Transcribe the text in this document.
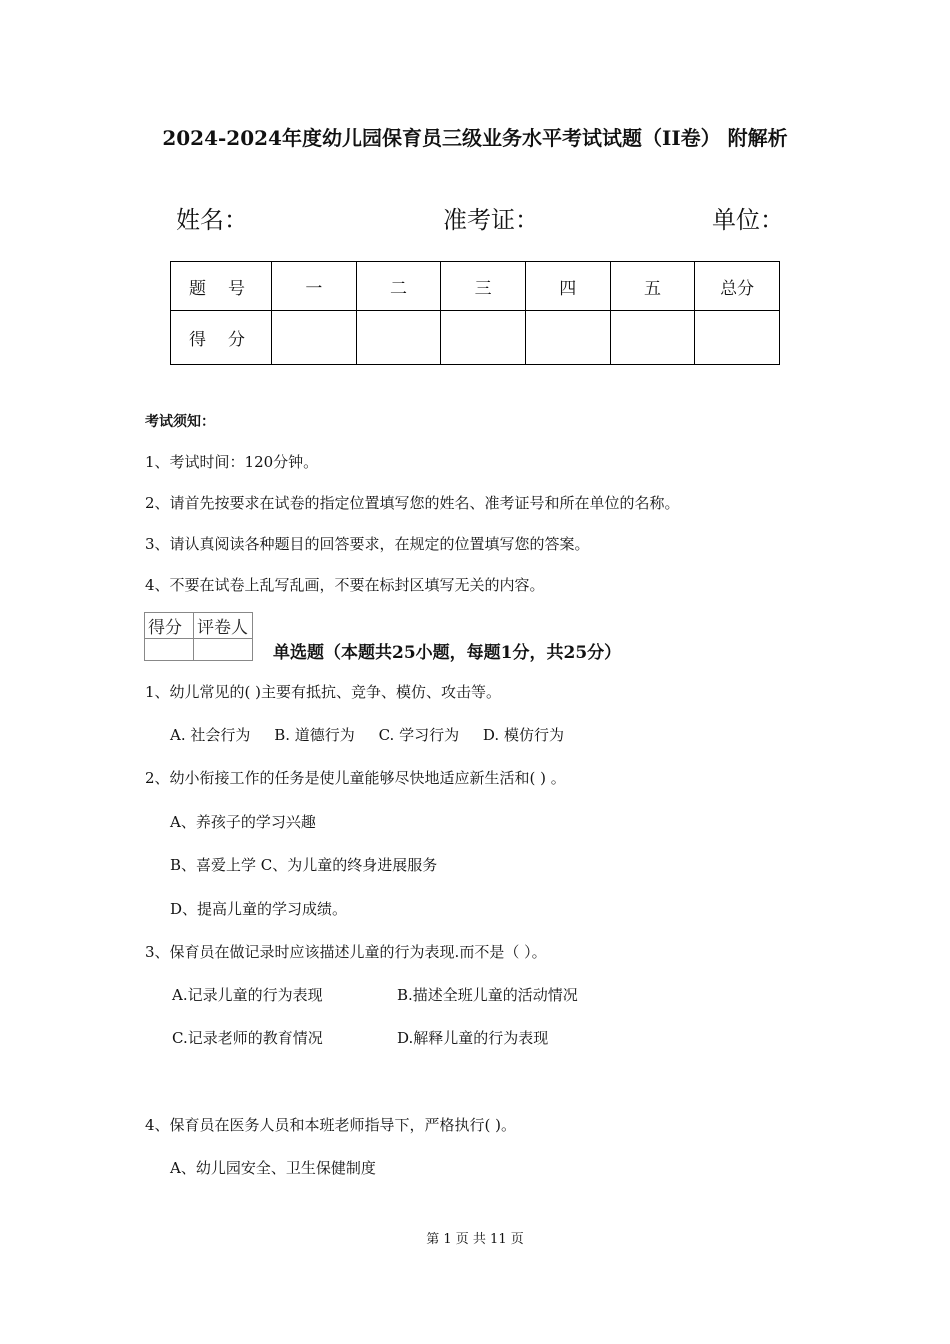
2024-2024年度幼儿园保育员三级业务水平考试试题（II卷） 附解析
姓名：	准考证：	单位：
题号	一	二	三	四	五	总分
得分						
考试须知：
1、考试时间：120分钟。
2、请首先按要求在试卷的指定位置填写您的姓名、准考证号和所在单位的名称。
3、请认真阅读各种题目的回答要求，在规定的位置填写您的答案。
4、不要在试卷上乱写乱画，不要在标封区填写无关的内容。
得分	评卷人

单选题（本题共25小题，每题1分，共25分）
1、幼儿常见的( )主要有抵抗、竞争、模仿、攻击等。
A. 社会行为     B. 道德行为     C. 学习行为     D. 模仿行为
2、幼小衔接工作的任务是使儿童能够尽快地适应新生活和( ) 。
A、养孩子的学习兴趣
B、喜爱上学 C、为儿童的终身进展服务
D、提高儿童的学习成绩。
3、保育员在做记录时应该描述儿童的行为表现.而不是（ ）。
A.记录儿童的行为表现	B.描述全班儿童的活动情况
C.记录老师的教育情况	D.解释儿童的行为表现
4、保育员在医务人员和本班老师指导下，严格执行( )。
A、幼儿园安全、卫生保健制度
第 1 页 共 11 页
